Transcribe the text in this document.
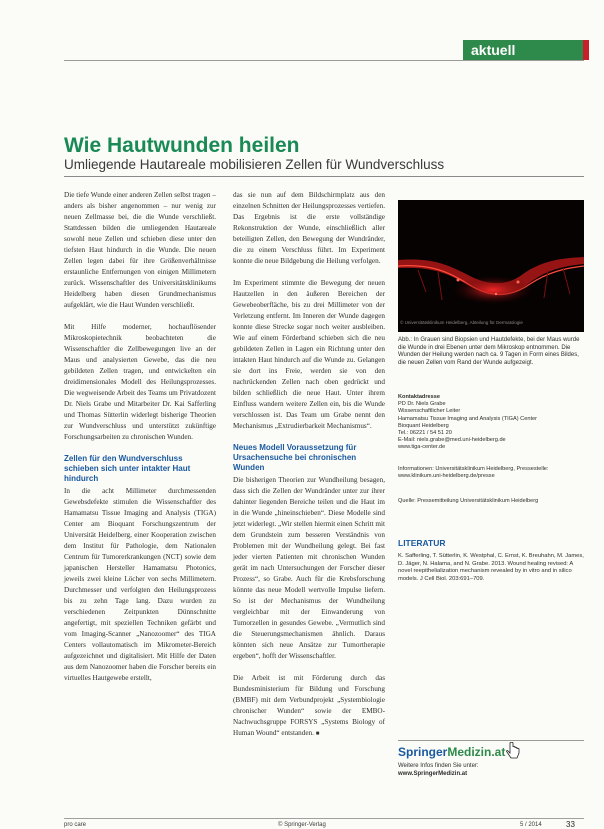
aktuell
Wie Hautwunden heilen
Umliegende Hautareale mobilisieren Zellen für Wundverschluss

Die tiefe Wunde einer anderen Zellen selbst tragen – anders als bisher angenommen – nur wenig zur neuen Zellmasse bei, die die Wunde verschließt. Stattdessen bilden die umliegenden Hautareale sowohl neue Zellen und schieben diese unter den tiefsten Haut hindurch in die Wunde. Die neuen Zellen legen dabei für ihre Größenverhältnisse erstaunliche Entfernungen von einigen Millimetern zurück. Wissenschaftler des Universitätsklinikums Heidelberg haben diesen Grundmechanismus aufgeklärt, wie die Haut Wunden verschließt.

Mit Hilfe moderner, hochauflösender Mikroskopietechnik beobachteten die Wissenschaftler die Zellbewegungen live an der Maus und analysierten Gewebe, das die neu gebildeten Zellen tragen, und entwickelten ein dreidimensionales Modell des Heilungsprozesses. Die wegweisende Arbeit des Teams um Privatdozent Dr. Niels Grabe und Mitarbeiter Dr. Kai Safferling und Thomas Sütterlin widerlegt bisherige Theorien zur Wundverschluss und unterstützt zukünftige Forschungsarbeiten zu chronischen Wunden.

Zellen für den Wundverschluss schieben sich unter intakter Haut hindurch

In die acht Millimeter durchmessenden Gewebsdefekte stimulen die Wissenschaftler des Hamamatsu Tissue Imaging and Analysis (TIGA) Center am Bioquant Forschungszentrum der Universität Heidelberg, einer Kooperation zwischen dem Institut für Pathologie, dem Nationalen Centrum für Tumorerkrankungen (NCT) sowie dem japanischen Hersteller Hamamatsu Photonics, jeweils zwei kleine Löcher von sechs Millimetern. Durchmesser und verfolgten den Heilungsprozess bis zu zehn Tage lang. Dazu wurden zu verschiedenen Zeitpunkten Dünnschnitte angefertigt, mit speziellen Techniken gefärbt und vom Imaging-Scanner „Nanozoomer“ des TIGA Centers vollautomatisch im Mikrometer-Bereich aufgezeichnet und digitalisiert. Mit Hilfe der Daten aus dem Nanozoomer haben die Forscher bereits ein virtuelles Hautgewebe erstellt,

das sie nun auf dem Bildschirmplatz aus den einzelnen Schnitten der Heilungsprozesses vertiefen. Das Ergebnis ist die erste vollständige Rekonstruktion der Wunde, einschließlich aller beteiligten Zellen, den Bewegung der Wundränder, die zu einem Verschluss führt. Im Experiment konnte die neue Bildgebung die Heilung verfolgen.

Im Experiment stimmte die Bewegung der neuen Hautzellen in den äußeren Bereichen der Gewebeoberfläche, bis zu drei Millimeter von der Verletzung entfernt. Im Inneren der Wunde dagegen konnte diese Strecke sogar noch weiter ausbleiben. Wie auf einem Förderband schieben sich die neu gebildeten Zellen in Lagen ein Richtung unter den intakten Haut hindurch auf die Wunde zu. Gelangen sie dort ins Freie, werden sie von den nachrückenden Zellen nach oben gedrückt und bilden schließlich die neue Haut. Unter ihrem Einfluss wandern weitere Zellen ein, bis die Wunde verschlossen ist. Das Team um Grabe nennt den Mechanismus „Extrudierbarkeit Mechanismus“.

Neues Modell Voraussetzung für Ursachensuche bei chronischen Wunden

Die bisherigen Theorien zur Wundheilung besagen, dass sich die Zellen der Wundränder unter zur ihrer dahinter liegenden Bereiche teilen und die Haut im in die Wunde „hineinschieben“. Diese Modelle sind jetzt widerlegt. „Wir stellen hiermit einen Schritt mit dem Grundstein zum besseren Verständnis von Problemen mit der Wundheilung gelegt. Bei fast jeder vierten Patienten mit chronischen Wunden gerät im nach Untersuchungen der Forscher dieser Prozess“, so Grabe. Auch für die Krebsforschung könnte das neue Modell wertvolle Impulse liefern. So ist der Mechanismus der Wundheilung vergleichbar mit der Einwanderung von Tumorzellen in gesundes Gewebe. „Vermutlich sind die Steuerungsmechanismen ähnlich. Daraus könnten sich neue Ansätze zur Tumortherapie ergeben“, hofft der Wissenschaftler.

Die Arbeit ist mit Förderung durch das Bundesministerium für Bildung und Forschung (BMBF) mit dem Verbundprojekt „Systembiologie chronischer Wunden“ sowie der EMBO-Nachwuchsgruppe FORSYS „Systems Biology of Human Wound“ entstanden. ■

© Universitätsklinikum Heidelberg, Abteilung für Dermatologie
Abb.: In Grauen sind Biopsien und Hautdefekte, bei der Maus wurde die Wunde in drei Ebenen unter dem Mikroskop entnommen. Die Wunden der Heilung werden nach ca. 9 Tagen in Form eines Bildes, die neuen Zellen vom Rand der Wunde aufgezeigt.
Kontaktadresse
PD Dr. Niels Grabe
Wissenschaftlicher Leiter
Hamamatsu Tissue Imaging and Analysis (TIGA) Center
Bioquant Heidelberg
Tel.: 06221 / 54 51 20
E-Mail: niels.grabe@med.uni-heidelberg.de
www.tiga-center.de
Informationen: Universitätsklinikum Heidelberg, Pressestelle: www.klinikum.uni-heidelberg.de/presse
Quelle: Pressemitteilung Universitätsklinikum Heidelberg
LITERATUR
K. Safferling, T. Sütterlin, K. Westphal, C. Ernst, K. Breuhahn, M. James, D. Jäger, N. Halama, and N. Grabe. 2013. Wound healing revised: A novel reepithelialization mechanism revealed by in vitro and in silico models. J Cell Biol. 203:691–709.
SpringerMedizin.at
Weitere Infos finden Sie unter:
www.SpringerMedizin.at
pro care	© Springer-Verlag	5 / 2014	33
